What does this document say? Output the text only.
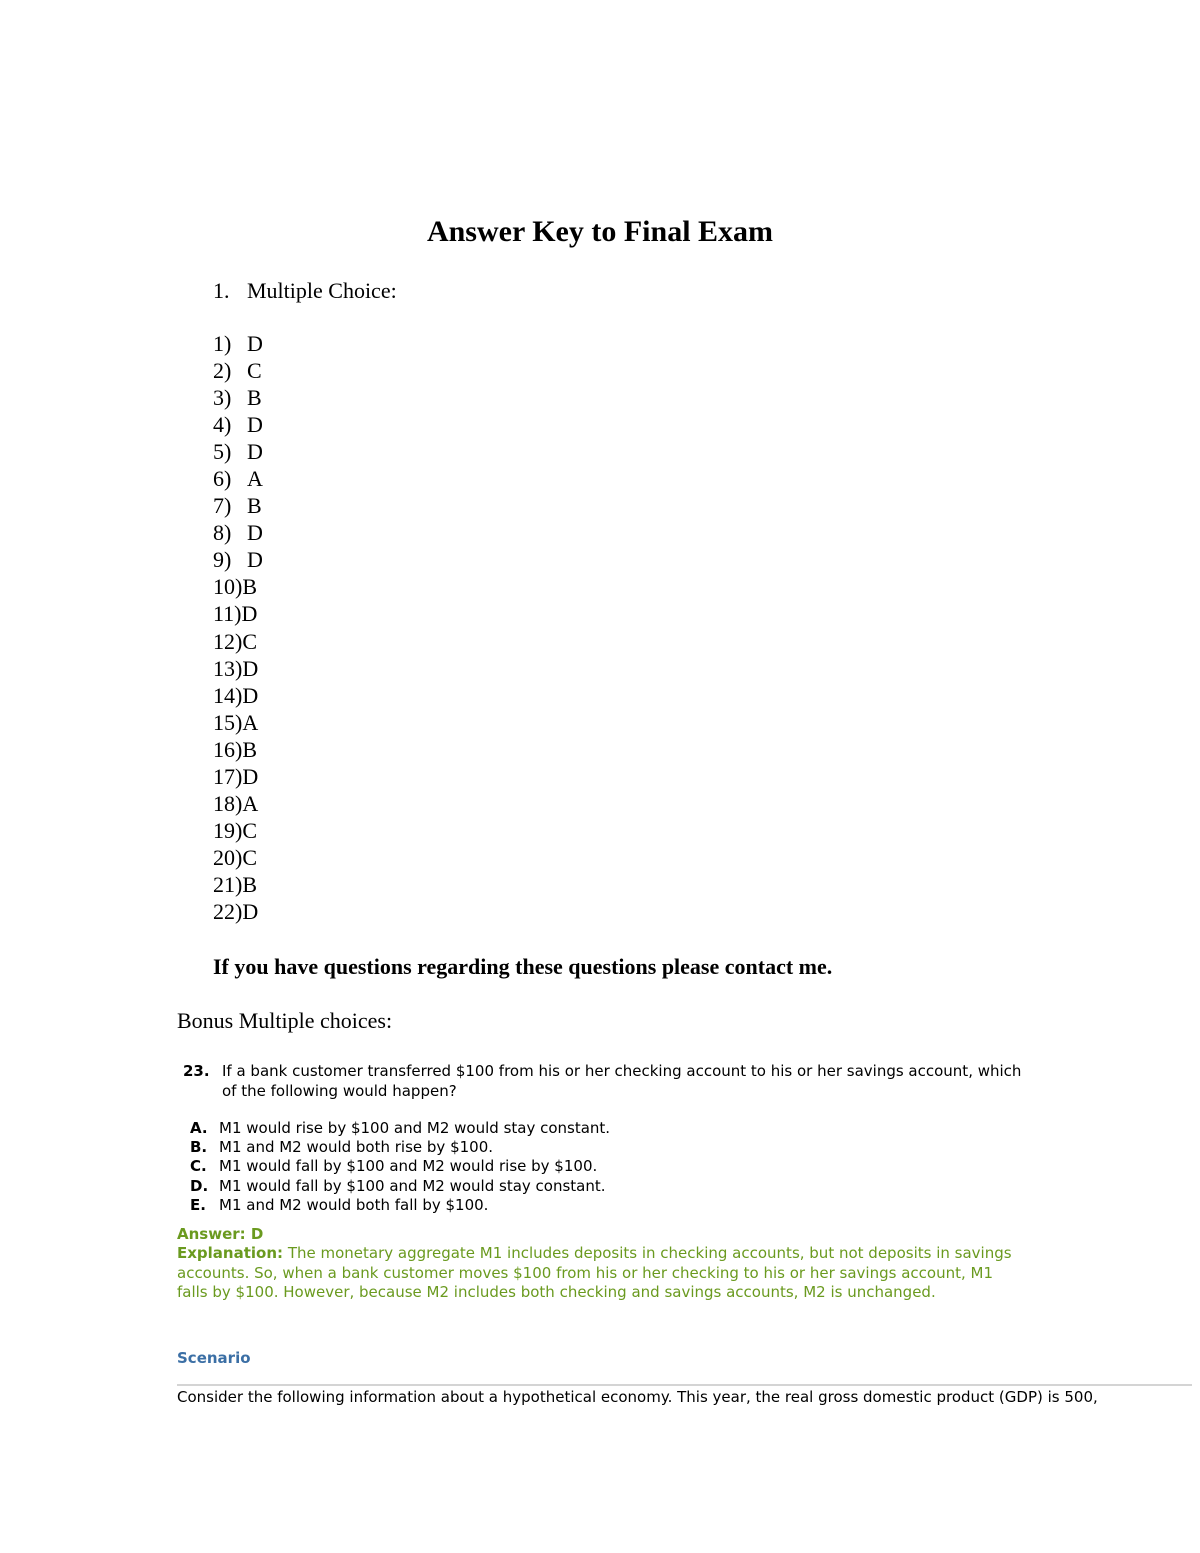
Answer Key to Final Exam
1. Multiple Choice:
1) D
2) C
3) B
4) D
5) D
6) A
7) B
8) D
9) D
10)B
11)D
12)C
13)D
14)D
15)A
16)B
17)D
18)A
19)C
20)C
21)B
22)D
If you have questions regarding these questions please contact me.
Bonus Multiple choices:
23. If a bank customer transferred $100 from his or her checking account to his or her savings account, which of the following would happen?
A. M1 would rise by $100 and M2 would stay constant.
B. M1 and M2 would both rise by $100.
C. M1 would fall by $100 and M2 would rise by $100.
D. M1 would fall by $100 and M2 would stay constant.
E. M1 and M2 would both fall by $100.
Answer: D
Explanation: The monetary aggregate M1 includes deposits in checking accounts, but not deposits in savings accounts. So, when a bank customer moves $100 from his or her checking to his or her savings account, M1 falls by $100. However, because M2 includes both checking and savings accounts, M2 is unchanged.
Scenario
Consider the following information about a hypothetical economy. This year, the real gross domestic product (GDP) is 500,
